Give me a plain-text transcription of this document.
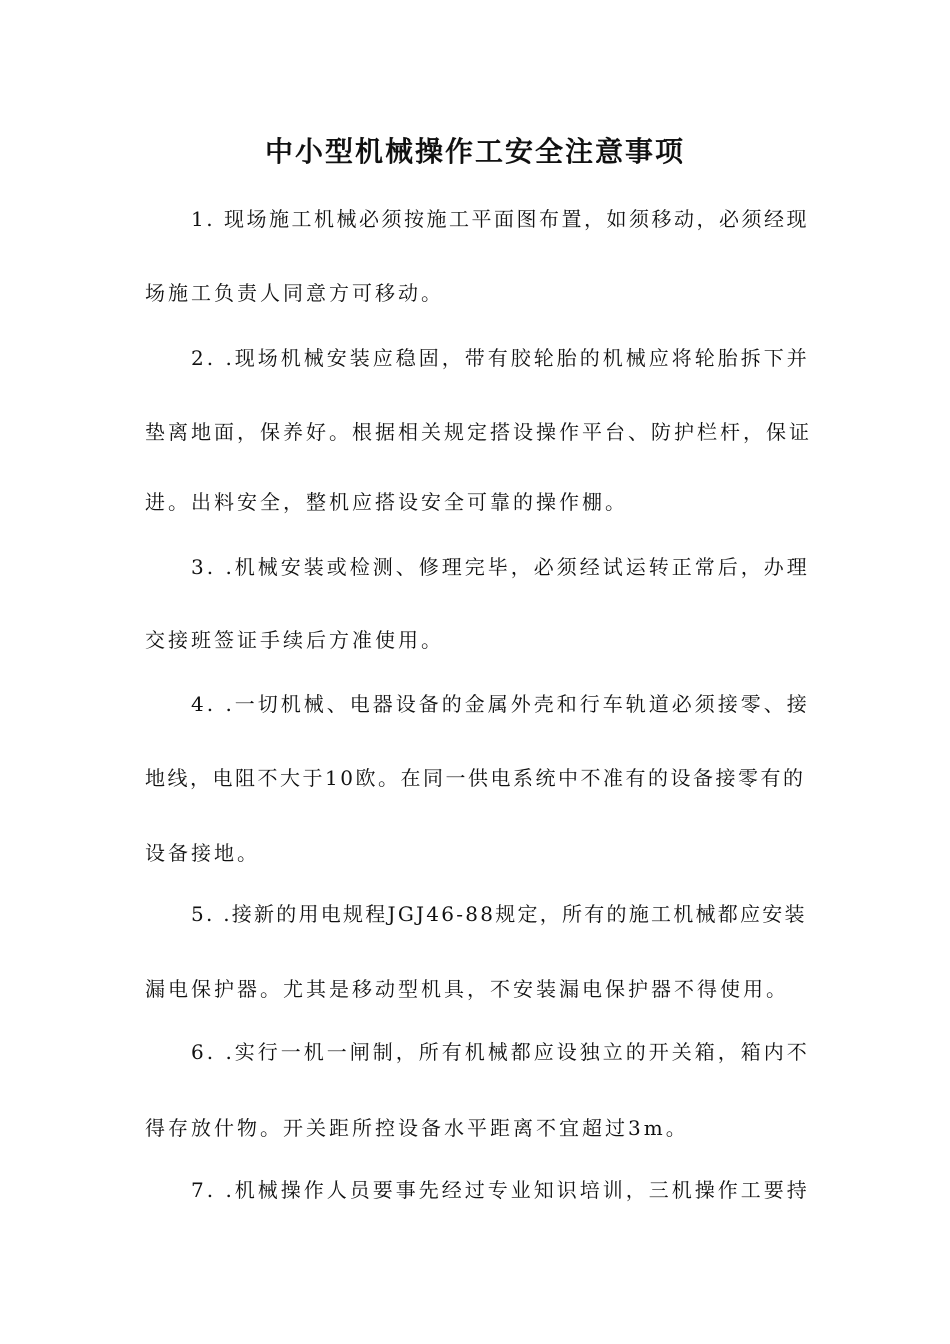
中小型机械操作工安全注意事项
1. 现场施工机械必须按施工平面图布置，如须移动，必须经现
场施工负责人同意方可移动。
2. .现场机械安装应稳固，带有胶轮胎的机械应将轮胎拆下并
垫离地面，保养好。根据相关规定搭设操作平台、防护栏杆，保证
进。出料安全，整机应搭设安全可靠的操作棚。
3. .机械安装或检测、修理完毕，必须经试运转正常后，办理
交接班签证手续后方准使用。
4. .一切机械、电器设备的金属外壳和行车轨道必须接零、接
地线，电阻不大于10欧。在同一供电系统中不准有的设备接零有的
设备接地。
5. .接新的用电规程JGJ46-88规定，所有的施工机械都应安装
漏电保护器。尤其是移动型机具，不安装漏电保护器不得使用。
6. .实行一机一闸制，所有机械都应设独立的开关箱，箱内不
得存放什物。开关距所控设备水平距离不宜超过3m。
7. .机械操作人员要事先经过专业知识培训，三机操作工要持
